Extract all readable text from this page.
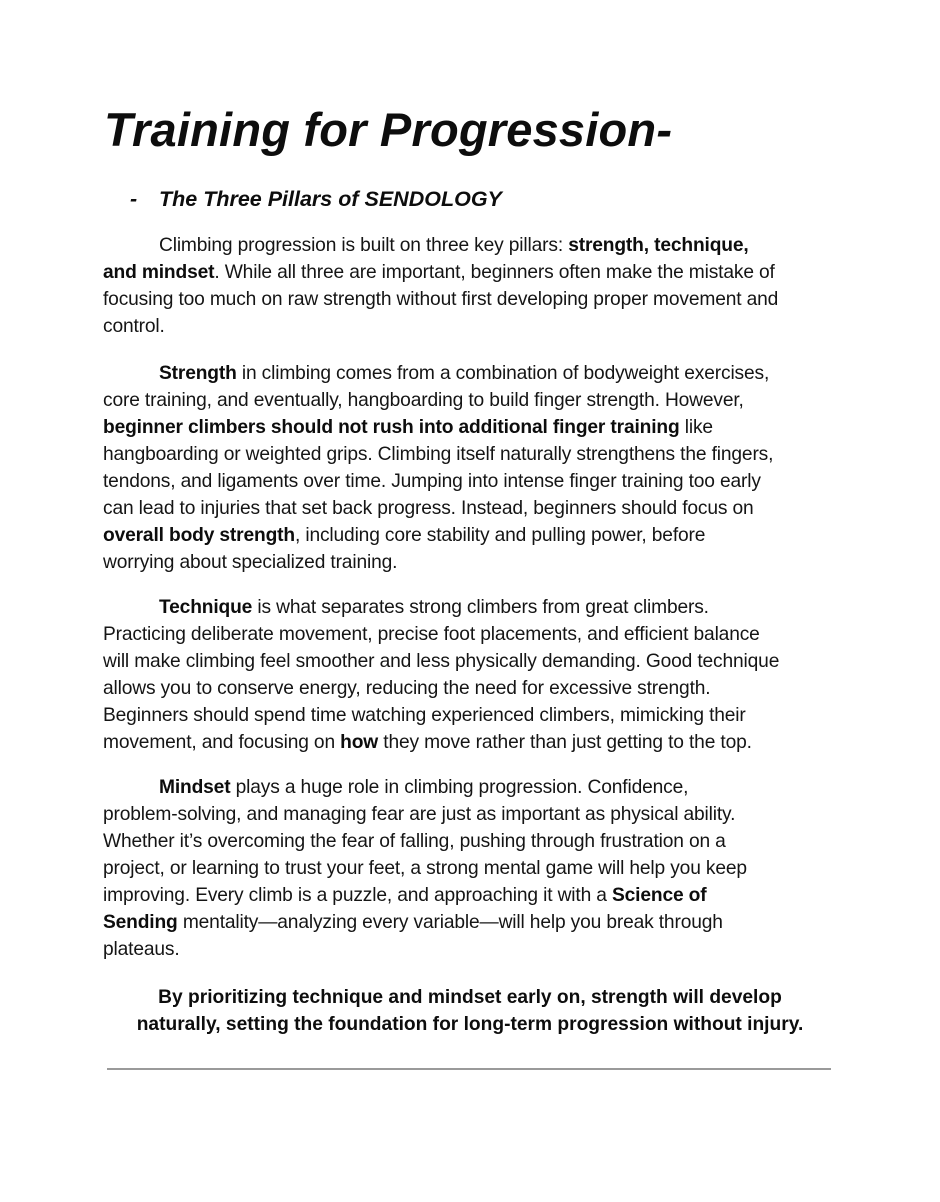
Training for Progression-
- The Three Pillars of SENDOLOGY

Climbing progression is built on three key pillars: strength, technique,
and mindset. While all three are important, beginners often make the mistake of
focusing too much on raw strength without first developing proper movement and
control.

Strength in climbing comes from a combination of bodyweight exercises,
core training, and eventually, hangboarding to build finger strength. However,
beginner climbers should not rush into additional finger training like
hangboarding or weighted grips. Climbing itself naturally strengthens the fingers,
tendons, and ligaments over time. Jumping into intense finger training too early
can lead to injuries that set back progress. Instead, beginners should focus on
overall body strength, including core stability and pulling power, before
worrying about specialized training.

Technique is what separates strong climbers from great climbers.
Practicing deliberate movement, precise foot placements, and efficient balance
will make climbing feel smoother and less physically demanding. Good technique
allows you to conserve energy, reducing the need for excessive strength.
Beginners should spend time watching experienced climbers, mimicking their
movement, and focusing on how they move rather than just getting to the top.

Mindset plays a huge role in climbing progression. Confidence,
problem-solving, and managing fear are just as important as physical ability.
Whether it’s overcoming the fear of falling, pushing through frustration on a
project, or learning to trust your feet, a strong mental game will help you keep
improving. Every climb is a puzzle, and approaching it with a Science of
Sending mentality—analyzing every variable—will help you break through
plateaus.

By prioritizing technique and mindset early on, strength will develop
naturally, setting the foundation for long-term progression without injury.
